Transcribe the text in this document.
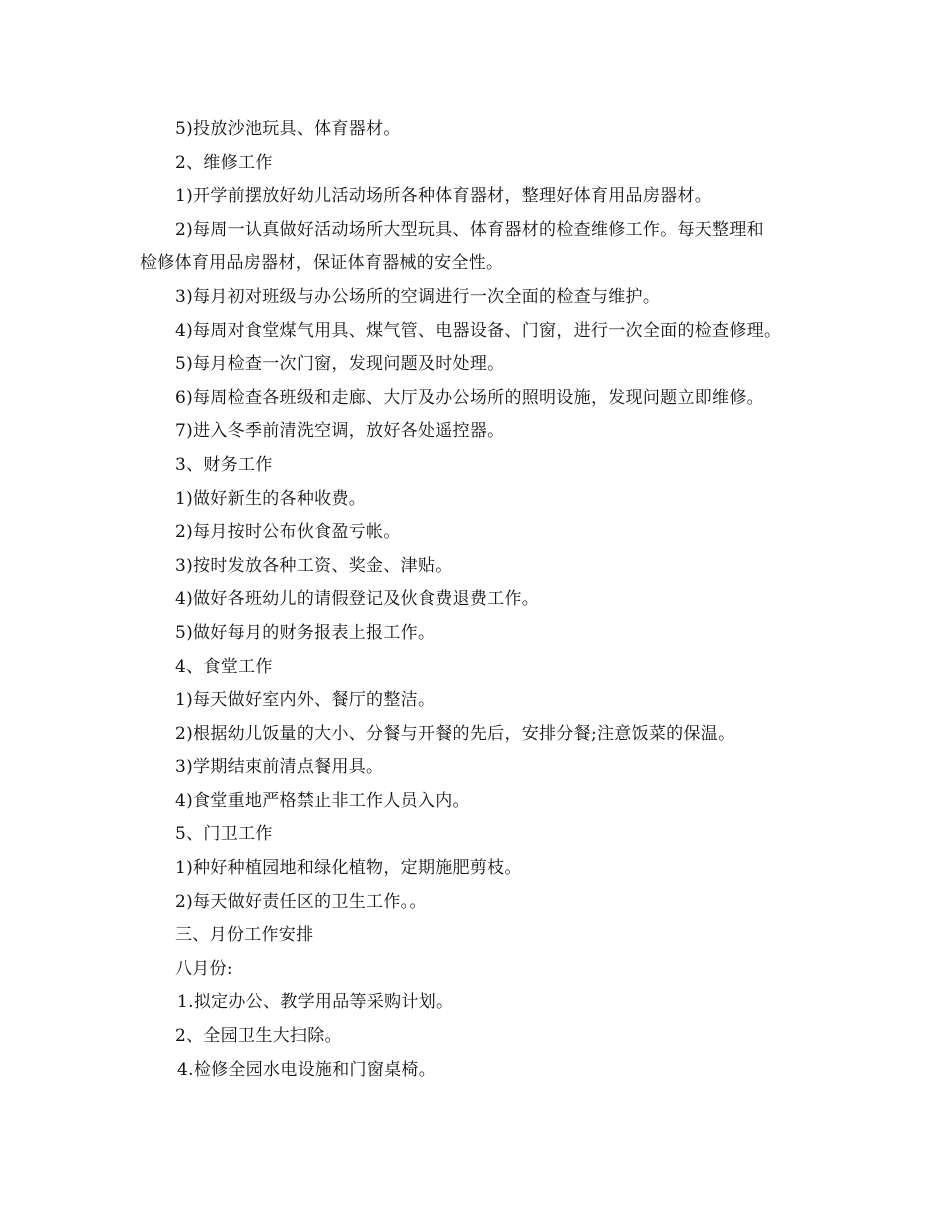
5)投放沙池玩具、体育器材。
2、维修工作
1)开学前摆放好幼儿活动场所各种体育器材，整理好体育用品房器材。
2)每周一认真做好活动场所大型玩具、体育器材的检查维修工作。每天整理和
检修体育用品房器材，保证体育器械的安全性。
3)每月初对班级与办公场所的空调进行一次全面的检查与维护。
4)每周对食堂煤气用具、煤气管、电器设备、门窗，进行一次全面的检查修理。
5)每月检查一次门窗，发现问题及时处理。
6)每周检查各班级和走廊、大厅及办公场所的照明设施，发现问题立即维修。
7)进入冬季前清洗空调，放好各处遥控器。
3、财务工作
1)做好新生的各种收费。
2)每月按时公布伙食盈亏帐。
3)按时发放各种工资、奖金、津贴。
4)做好各班幼儿的请假登记及伙食费退费工作。
5)做好每月的财务报表上报工作。
4、食堂工作
1)每天做好室内外、餐厅的整洁。
2)根据幼儿饭量的大小、分餐与开餐的先后，安排分餐;注意饭菜的保温。
3)学期结束前清点餐用具。
4)食堂重地严格禁止非工作人员入内。
5、门卫工作
1)种好种植园地和绿化植物，定期施肥剪枝。
2)每天做好责任区的卫生工作。。
三、月份工作安排
八月份:
1.拟定办公、教学用品等采购计划。
2、全园卫生大扫除。
4.检修全园水电设施和门窗桌椅。
